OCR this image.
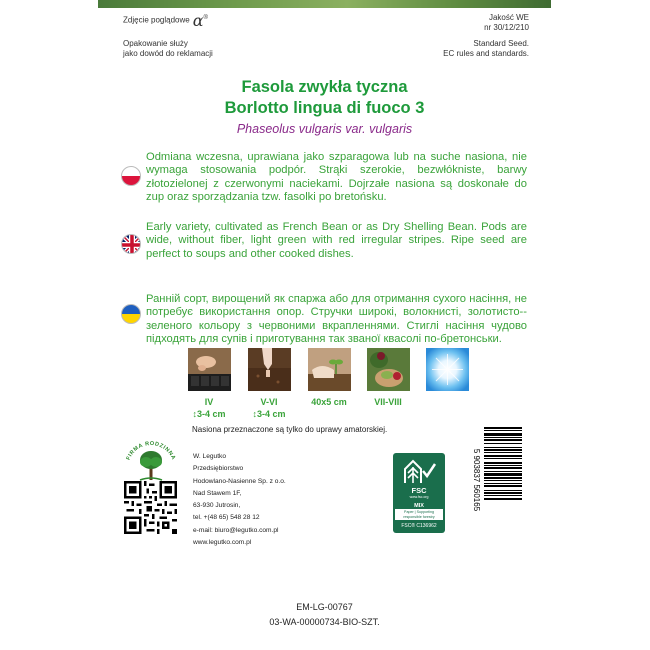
Zdjęcie poglądowe α®	Jakość WE
nr 30/12/210
Opakowanie służy
jako dowód do reklamacji
Standard Seed.
EC rules and standards.
Fasola zwykła tyczna
Borlotto lingua di fuoco 3
Phaseolus vulgaris var. vulgaris
Odmiana wczesna, uprawiana jako szparagowa lub na suche nasiona, nie wymaga stosowania podpór. Strąki szerokie, bezwłókniste, barwy złotozielonej z czerwonymi naciekami. Dojrzałe nasiona są doskonałe do zup oraz sporządzania tzw. fasolki po bretońsku.
Early variety, cultivated as French Bean or as Dry Shelling Bean. Pods are wide, without fiber, light green with red irregular stripes. Ripe seed are perfect to soups and other cooked dishes.
Ранній сорт, вирощений як спаржа або для отримання сухого насіння, не потребує використання опор. Стручки широкі, волокнисті, золотисто--зеленого кольору з червоними вкрапленнями. Стиглі насіння чудово підходять для супів і приготування так званої квасолі по-бретонськи.
IV
↕3-4 cm
V-VI
↕3-4 cm
40x5 cm	VII-VIII
Nasiona przeznaczone są tylko do uprawy amatorskiej.
FIRMA RODZINNA	W. Legutko
Przedsiębiorstwo
Hodowlano-Nasienne Sp. z o.o.
Nad Stawem 1F,
63-930 Jutrosin,
tel. +(48 65) 548 28 12
e-mail: biuro@legutko.com.pl
www.legutko.com.pl
FSC
www.fsc.org
MIX
Paper | Supporting responsible forestry
FSC® C136962
5 903837 560165
EM-LG-00767
03-WA-00000734-BIO-SZT.
